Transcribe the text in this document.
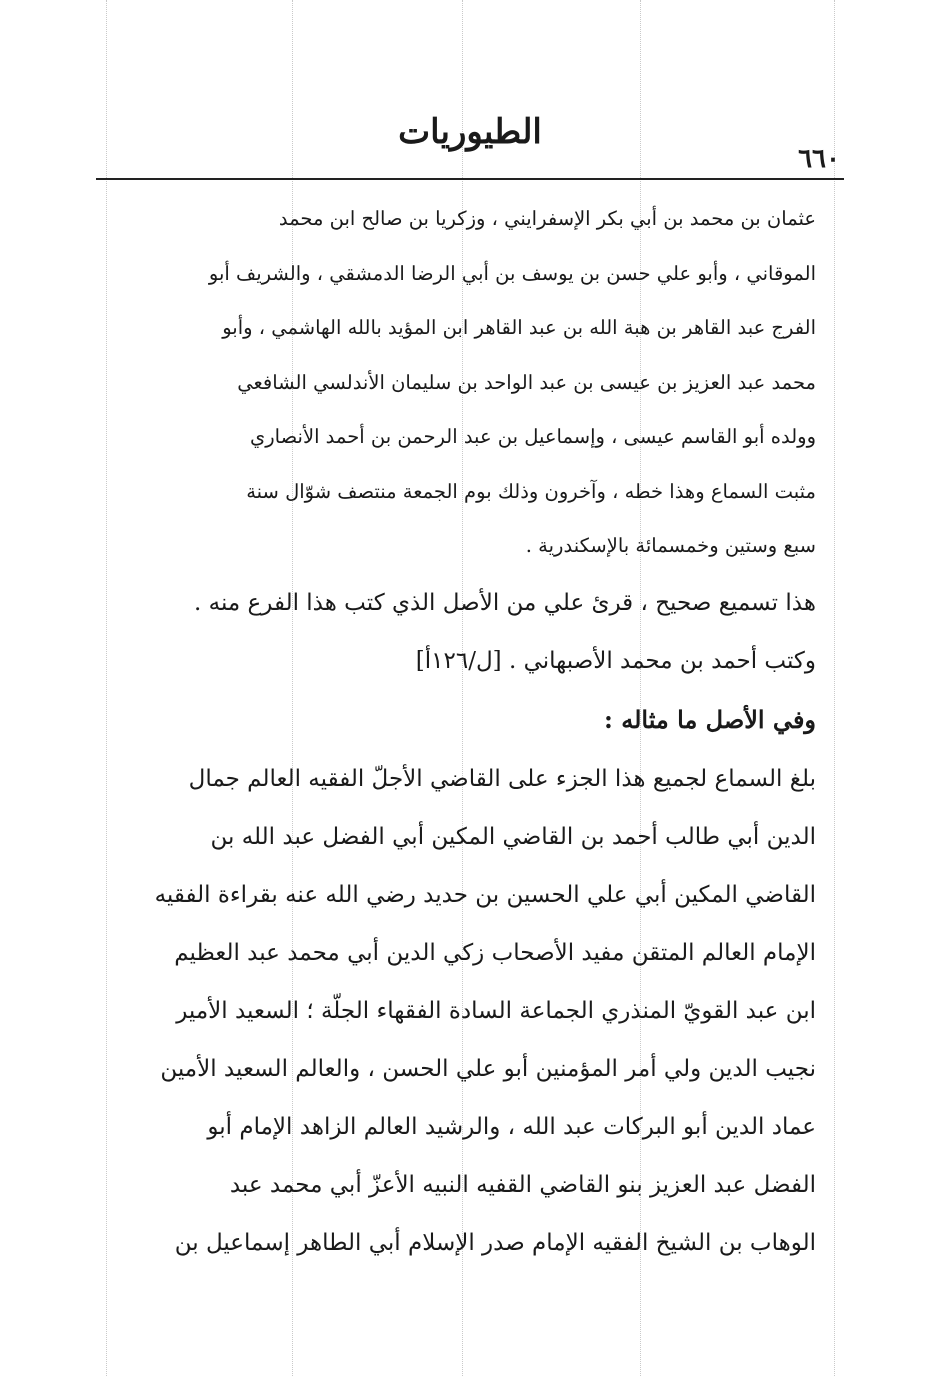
الطيوريات
٦٦٠
عثمان بن محمد بن أبي بكر الإسفرايني ، وزكريا بن صالح ابن محمد
الموقاني ، وأبو علي حسن بن يوسف بن أبي الرضا الدمشقي ، والشريف أبو
الفرج عبد القاهر بن هبة الله بن عبد القاهر ابن المؤيد بالله الهاشمي ، وأبو
محمد عبد العزيز بن عيسى بن عبد الواحد بن سليمان الأندلسي الشافعي
وولده أبو القاسم عيسى ، وإسماعيل بن عبد الرحمن بن أحمد الأنصاري
مثبت السماع وهذا خطه ، وآخرون وذلك بوم الجمعة منتصف شوّال سنة
سبع وستين وخمسمائة بالإسكندرية .
هذا تسميع صحيح ، قرئ علي من الأصل الذي كتب هذا الفرع منه .
وكتب أحمد بن محمد الأصبهاني . [ل/١٢٦أ]
وفي الأصل ما مثاله :
بلغ السماع لجميع هذا الجزء على القاضي الأجلّ الفقيه العالم جمال
الدين أبي طالب أحمد بن القاضي المكين أبي الفضل عبد الله بن
القاضي المكين أبي علي الحسين بن حديد رضي الله عنه بقراءة الفقيه
الإمام العالم المتقن مفيد الأصحاب زكي الدين أبي محمد عبد العظيم
ابن عبد القويّ المنذري الجماعة السادة الفقهاء الجلّة ؛ السعيد الأمير
نجيب الدين ولي أمر المؤمنين أبو علي الحسن ، والعالم السعيد الأمين
عماد الدين أبو البركات عبد الله ، والرشيد العالم الزاهد الإمام أبو
الفضل عبد العزيز بنو القاضي القفيه النبيه الأعزّ أبي محمد عبد
الوهاب بن الشيخ الفقيه الإمام صدر الإسلام أبي الطاهر إسماعيل بن
